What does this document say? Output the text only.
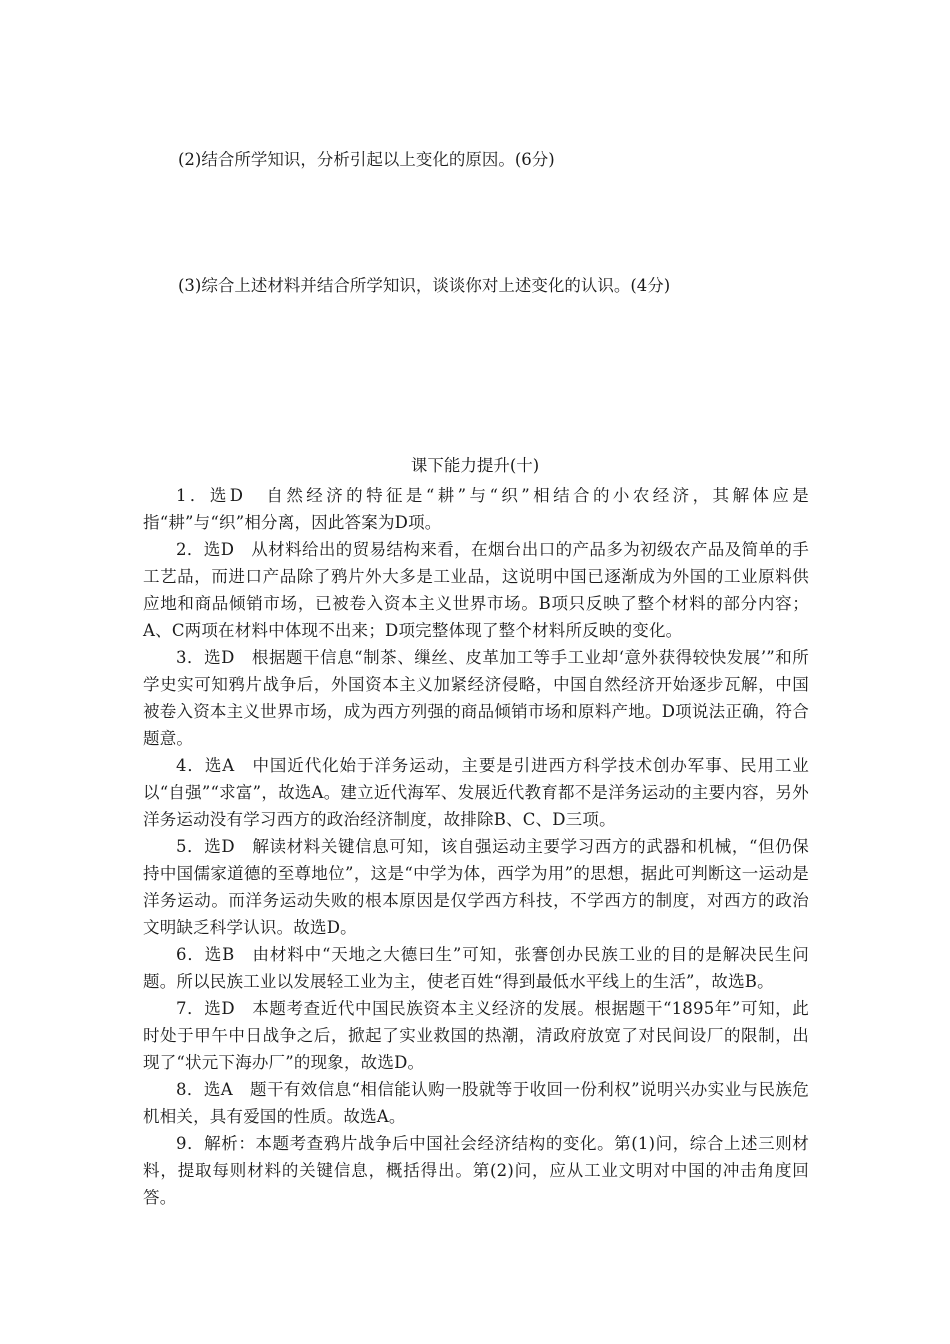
(2)结合所学知识，分析引起以上变化的原因。(6分)
(3)综合上述材料并结合所学知识，谈谈你对上述变化的认识。(4分)
课下能力提升(十)

1．选D　自然经济的特征是“耕”与“织”相结合的小农经济，其解体应是指“耕”与“织”相分离，因此答案为D项。

2．选D　从材料给出的贸易结构来看，在烟台出口的产品多为初级农产品及简单的手工艺品，而进口产品除了鸦片外大多是工业品，这说明中国已逐渐成为外国的工业原料供应地和商品倾销市场，已被卷入资本主义世界市场。B项只反映了整个材料的部分内容；A、C两项在材料中体现不出来；D项完整体现了整个材料所反映的变化。

3．选D　根据题干信息“制茶、缫丝、皮革加工等手工业却‘意外获得较快发展’”和所学史实可知鸦片战争后，外国资本主义加紧经济侵略，中国自然经济开始逐步瓦解，中国被卷入资本主义世界市场，成为西方列强的商品倾销市场和原料产地。D项说法正确，符合题意。

4．选A　中国近代化始于洋务运动，主要是引进西方科学技术创办军事、民用工业以“自强”“求富”，故选A。建立近代海军、发展近代教育都不是洋务运动的主要内容，另外洋务运动没有学习西方的政治经济制度，故排除B、C、D三项。

5．选D　解读材料关键信息可知，该自强运动主要学习西方的武器和机械，“但仍保持中国儒家道德的至尊地位”，这是“中学为体，西学为用”的思想，据此可判断这一运动是洋务运动。而洋务运动失败的根本原因是仅学西方科技，不学西方的制度，对西方的政治文明缺乏科学认识。故选D。

6．选B　由材料中“天地之大德曰生”可知，张謇创办民族工业的目的是解决民生问题。所以民族工业以发展轻工业为主，使老百姓“得到最低水平线上的生活”，故选B。

7．选D　本题考查近代中国民族资本主义经济的发展。根据题干“1895年”可知，此时处于甲午中日战争之后，掀起了实业救国的热潮，清政府放宽了对民间设厂的限制，出现了“状元下海办厂”的现象，故选D。

8．选A　题干有效信息“相信能认购一股就等于收回一份利权”说明兴办实业与民族危机相关，具有爱国的性质。故选A。

9．解析：本题考查鸦片战争后中国社会经济结构的变化。第(1)问，综合上述三则材料，提取每则材料的关键信息，概括得出。第(2)问，应从工业文明对中国的冲击角度回答。
